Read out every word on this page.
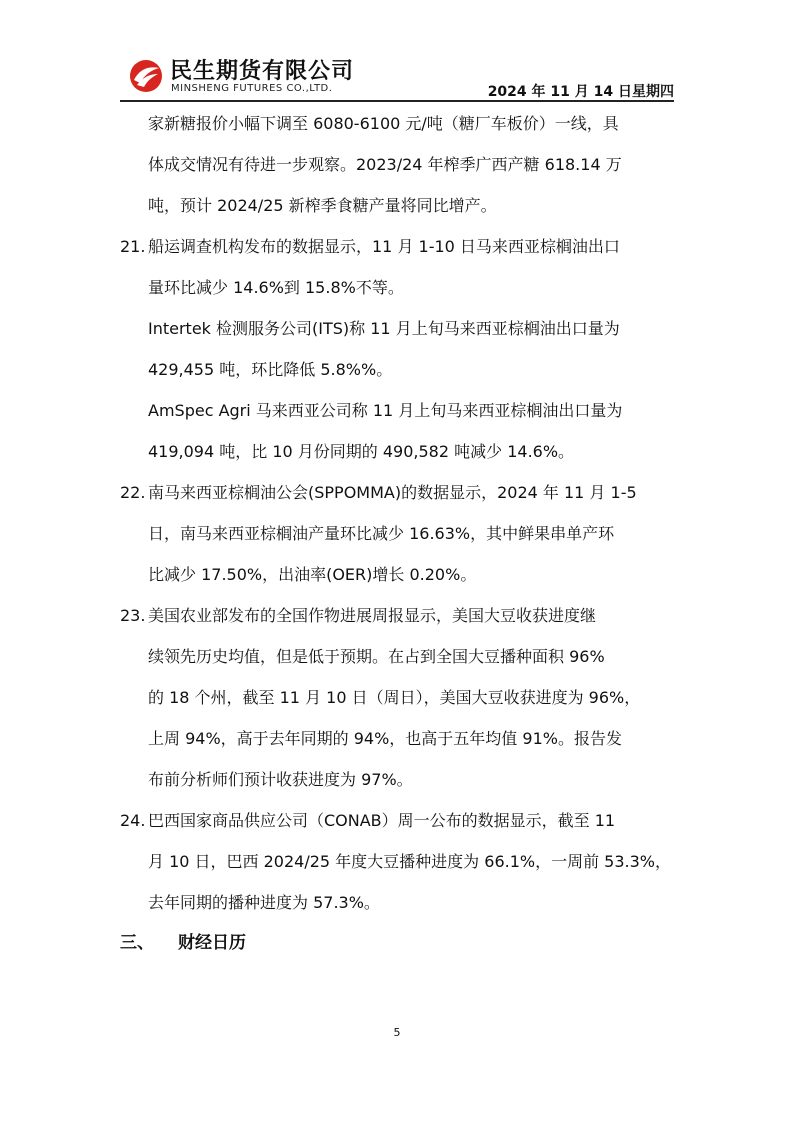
民生期货有限公司
MINSHENG FUTURES CO.,LTD.	2024 年 11 月 14 日星期四
家新糖报价小幅下调至 6080-6100 元/吨（糖厂车板价）一线，具
体成交情况有待进一步观察。2023/24 年榨季广西产糖 618.14 万
吨，预计 2024/25 新榨季食糖产量将同比增产。
21. 船运调查机构发布的数据显示，11 月 1-10 日马来西亚棕榈油出口
量环比减少 14.6%到 15.8%不等。
Intertek 检测服务公司(ITS)称 11 月上旬马来西亚棕榈油出口量为
429,455 吨，环比降低 5.8%%。
AmSpec Agri 马来西亚公司称 11 月上旬马来西亚棕榈油出口量为
419,094 吨，比 10 月份同期的 490,582 吨减少 14.6%。
22. 南马来西亚棕榈油公会(SPPOMMA)的数据显示，2024 年 11 月 1-5
日，南马来西亚棕榈油产量环比减少 16.63%，其中鲜果串单产环
比减少 17.50%，出油率(OER)增长 0.20%。
23. 美国农业部发布的全国作物进展周报显示，美国大豆收获进度继
续领先历史均值，但是低于预期。在占到全国大豆播种面积 96%
的 18 个州，截至 11 月 10 日（周日），美国大豆收获进度为 96%，
上周 94%，高于去年同期的 94%，也高于五年均值 91%。报告发
布前分析师们预计收获进度为 97%。
24. 巴西国家商品供应公司（CONAB）周一公布的数据显示，截至 11
月 10 日，巴西 2024/25 年度大豆播种进度为 66.1%，一周前 53.3%，
去年同期的播种进度为 57.3%。
三、 财经日历
5
